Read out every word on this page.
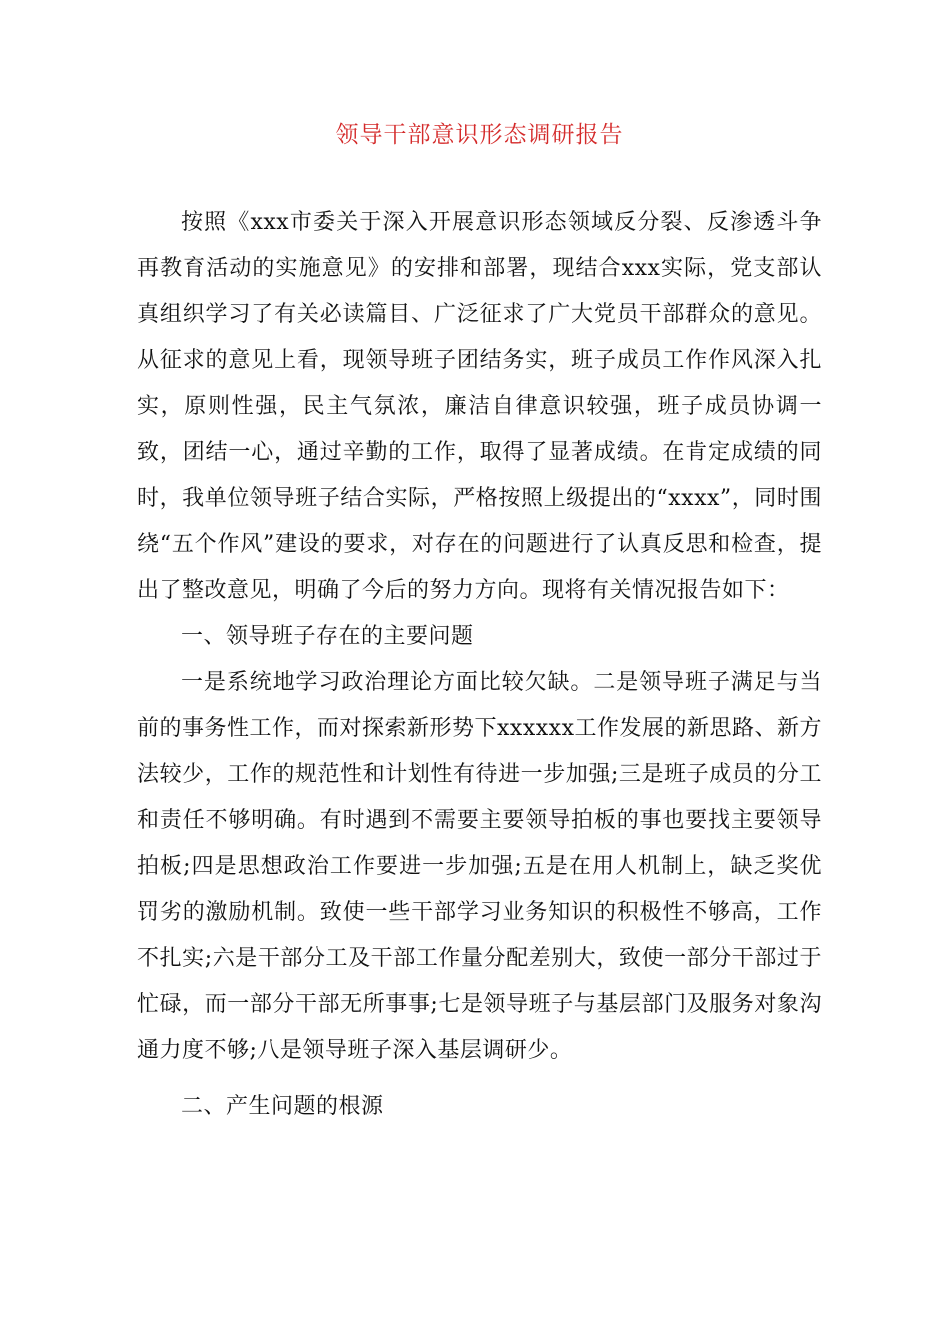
领导干部意识形态调研报告

按照《xxx市委关于深入开展意识形态领域反分裂、反渗透斗争再教育活动的实施意见》的安排和部署，现结合xxx实际，党支部认真组织学习了有关必读篇目、广泛征求了广大党员干部群众的意见。从征求的意见上看，现领导班子团结务实，班子成员工作作风深入扎实，原则性强，民主气氛浓，廉洁自律意识较强，班子成员协调一致，团结一心，通过辛勤的工作，取得了显著成绩。在肯定成绩的同时，我单位领导班子结合实际，严格按照上级提出的“xxxx”，同时围绕“五个作风”建设的要求，对存在的问题进行了认真反思和检查，提出了整改意见，明确了今后的努力方向。现将有关情况报告如下：

一、领导班子存在的主要问题

一是系统地学习政治理论方面比较欠缺。二是领导班子满足与当前的事务性工作，而对探索新形势下xxxxxx工作发展的新思路、新方法较少，工作的规范性和计划性有待进一步加强;三是班子成员的分工和责任不够明确。有时遇到不需要主要领导拍板的事也要找主要领导拍板;四是思想政治工作要进一步加强;五是在用人机制上，缺乏奖优罚劣的激励机制。致使一些干部学习业务知识的积极性不够高，工作不扎实;六是干部分工及干部工作量分配差别大，致使一部分干部过于忙碌，而一部分干部无所事事;七是领导班子与基层部门及服务对象沟通力度不够;八是领导班子深入基层调研少。

二、产生问题的根源
